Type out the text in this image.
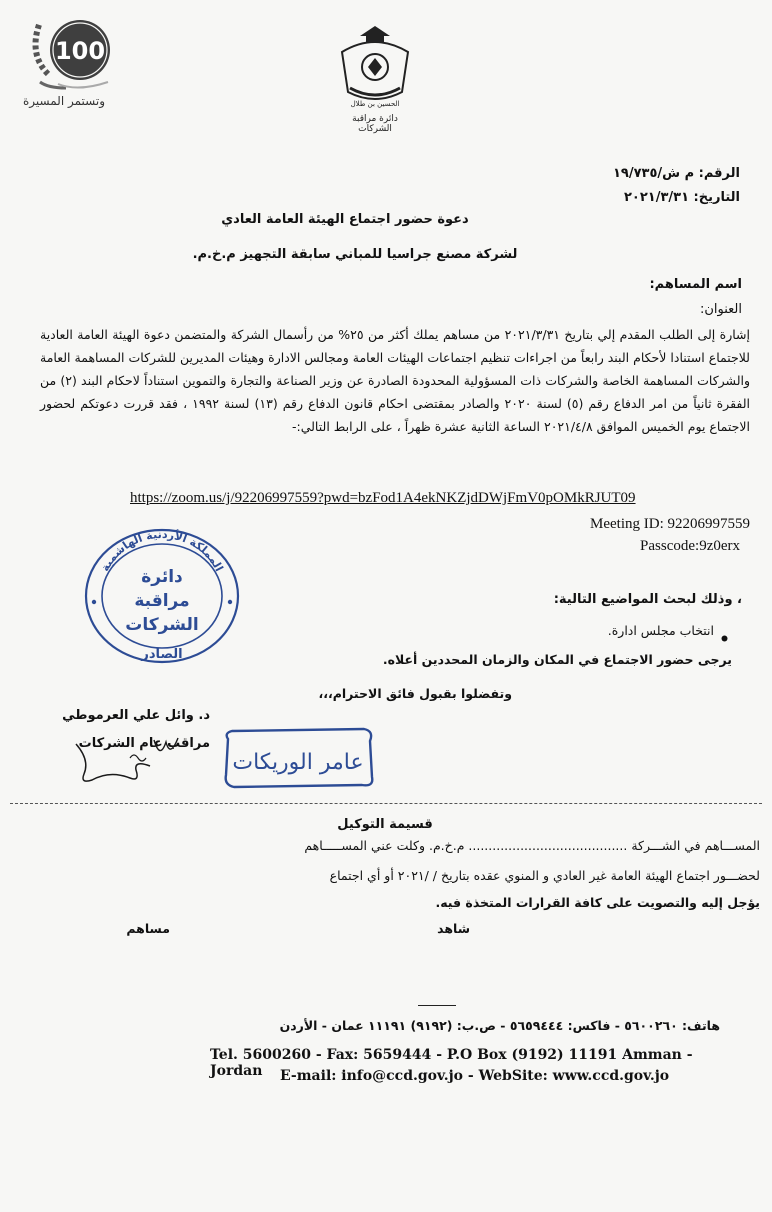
100
وتستمر المسيرة	الحسين بن طلال
دائرة مراقبة الشركات
الرقم: م ش/١٩/٧٣٥
التاريخ: ٢٠٢١/٣/٣١
دعوة حضور اجتماع الهيئة العامة العادي
لشركة مصنع جراسيا للمباني سابقة التجهيز م.خ.م.
اسم المساهم:
العنوان:
إشارة إلى الطلب المقدم إلي بتاريخ ٢٠٢١/٣/٣١ من مساهم يملك أكثر من ٢٥% من رأسمال الشركة والمتضمن دعوة الهيئة العامة العادية للاجتماع استنادا لأحكام البند رابعاً من اجراءات تنظيم اجتماعات الهيئات العامة ومجالس الادارة وهيئات المديرين للشركات المساهمة العامة والشركات المساهمة الخاصة والشركات ذات المسؤولية المحدودة الصادرة عن وزير الصناعة والتجارة والتموين استناداً لاحكام البند (٢) من الفقرة ثانياً من امر الدفاع رقم (٥) لسنة ٢٠٢٠ والصادر بمقتضى احكام قانون الدفاع رقم (١٣) لسنة ١٩٩٢ ، فقد قررت دعوتكم لحضور الاجتماع يوم الخميس الموافق ٢٠٢١/٤/٨ الساعة الثانية عشرة ظهراً ، على الرابط التالي:-
https://zoom.us/j/92206997559?pwd=bzFod1A4ekNKZjdDWjFmV0pOMkRJUT09
Meeting ID: 92206997559
Passcode:9z0erx
المملكة الأردنية الهاشمية
دائرة
مراقبة
الشركات
الصادر
، وذلك لبحث المواضيع التالية:
انتخاب مجلس ادارة.
يرجى حضور الاجتماع في المكان والزمان المحددين أعلاه.
وتفضلوا بقبول فائق الاحترام،،،
د. وائل علي العرموطي
مراقب عام الشركات
عامر الوريكات
قسيمة التوكيل
المســـاهم في الشـــركة ........................................ م.خ.م. وكلت عني المســـــاهم
لحضـــور اجتماع الهيئة العامة غير العادي و المنوي عقده بتاريخ / /٢٠٢١ أو أي اجتماع
يؤجل إليه والتصويت على كافة القرارات المتخذة فيه.
شاهد
مساهم
هاتف: ٥٦٠٠٢٦٠ - فاكس: ٥٦٥٩٤٤٤ - ص.ب: (٩١٩٢) ١١١٩١ عمان - الأردن
Tel. 5600260 - Fax: 5659444 - P.O Box (9192) 11191 Amman - Jordan	E-mail: info@ccd.gov.jo - WebSite: www.ccd.gov.jo
